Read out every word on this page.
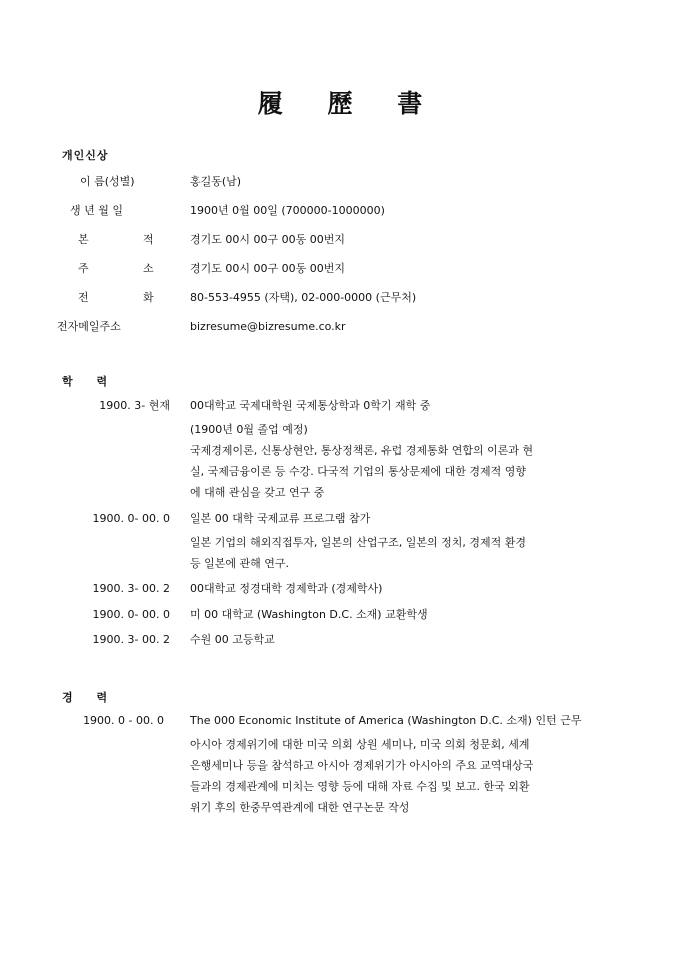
履 歷 書

개인신상

이 름(성별)	홍길동(남)
생 년 월 일	1900년 0월 00일 (700000-1000000)
본	적	경기도 00시 00구 00동 00번지
주	소	경기도 00시 00구 00동 00번지
전	화	80-553-4955 (자택), 02-000-0000 (근무처)
전자메일주소	bizresume@bizresume.co.kr

학 력

1900. 3- 현재 00대학교 국제대학원 국제통상학과 0학기 재학 중
(1900년 0월 졸업 예정)
국제경제이론, 신통상현안, 통상정책론, 유럽 경제통화 연합의 이론과 현
실, 국제금융이론 등 수강. 다국적 기업의 통상문제에 대한 경제적 영향
에 대해 관심을 갖고 연구 중
1900. 0- 00. 0 일본 00 대학 국제교류 프로그램 참가
일본 기업의 해외직접투자, 일본의 산업구조, 일본의 정치, 경제적 환경
등 일본에 관해 연구.
1900. 3- 00. 2 00대학교 정경대학 경제학과 (경제학사)
1900. 0- 00. 0 미 00 대학교 (Washington D.C. 소재) 교환학생
1900. 3- 00. 2 수원 00 고등학교

경 력

1900. 0 - 00. 0 The 000 Economic Institute of America (Washington D.C. 소재) 인턴 근무
아시아 경제위기에 대한 미국 의회 상원 세미나, 미국 의회 청문회, 세계
은행세미나 등을 참석하고 아시아 경제위기가 아시아의 주요 교역대상국
들과의 경제관계에 미치는 영향 등에 대해 자료 수집 및 보고. 한국 외환
위기 후의 한중무역관계에 대한 연구논문 작성
